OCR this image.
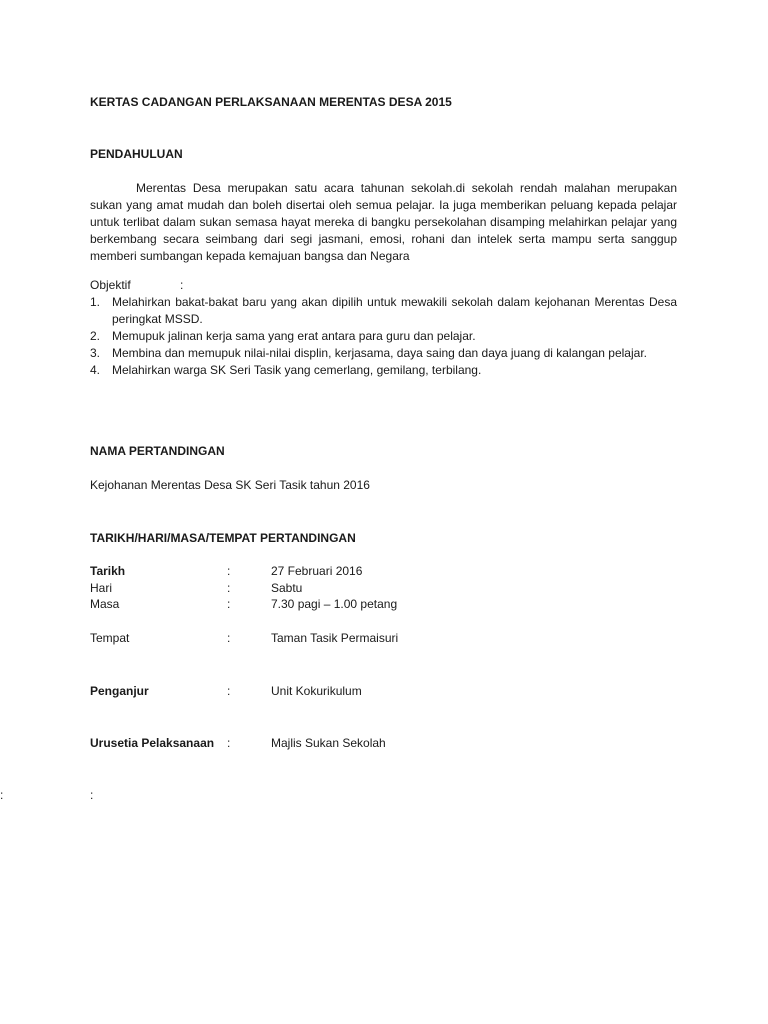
KERTAS CADANGAN PERLAKSANAAN MERENTAS DESA 2015
PENDAHULUAN
Merentas Desa merupakan satu acara tahunan sekolah.di sekolah rendah malahan merupakan sukan yang amat mudah dan boleh disertai oleh semua pelajar. Ia juga memberikan peluang kepada pelajar untuk terlibat dalam sukan semasa hayat mereka di bangku persekolahan disamping melahirkan pelajar yang berkembang secara seimbang dari segi jasmani, emosi, rohani dan intelek serta mampu serta sanggup memberi sumbangan kepada kemajuan bangsa dan Negara
Objektif	:
1. Melahirkan bakat-bakat baru yang akan dipilih untuk mewakili sekolah dalam kejohanan Merentas Desa peringkat MSSD.
2. Memupuk jalinan kerja sama yang erat antara para guru dan pelajar.
3. Membina dan memupuk nilai-nilai displin, kerjasama, daya saing dan daya juang di kalangan pelajar.
4. Melahirkan warga SK Seri Tasik yang cemerlang, gemilang, terbilang.
NAMA PERTANDINGAN
Kejohanan Merentas Desa SK Seri Tasik tahun 2016
TARIKH/HARI/MASA/TEMPAT PERTANDINGAN
Tarikh	:	27 Februari 2016
Hari	:	Sabtu
Masa	:	7.30 pagi – 1.00 petang
Tempat	:	Taman Tasik Permaisuri
Penganjur	:	Unit Kokurikulum
Urusetia Pelaksanaan :	Majlis Sukan Sekolah
:	:
